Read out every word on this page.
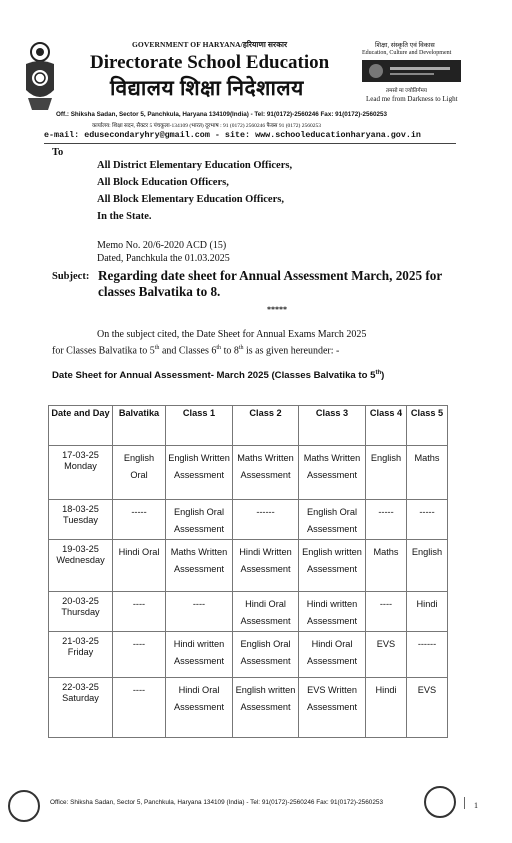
GOVERNMENT OF HARYANA/हरियाणा सरकार
Directorate School Education
विद्यालय शिक्षा निदेशालय
शिक्षा, संस्कृति एवं विकास
Education, Culture and Development
तमसो मा ज्योतिर्गमय
Lead me from Darkness to Light
Off.: Shiksha Sadan, Sector 5, Panchkula, Haryana 134109(India) - Tel: 91(0172)-2560246 Fax: 91(0172)-2560253
कार्यालय: शिक्षा सदन, सैक्टर 5 पंचकूला-134109 (भारत) दूरभाष : 91 (0172) 2560246 फैक्स 91 (0172) 2560253
e-mail: edusecondaryhry@gmail.com - site: www.schooleducationharyana.gov.in
To
All District Elementary Education Officers,
All Block Education Officers,
All Block Elementary Education Officers,
In the State.
Memo No. 20/6-2020 ACD (15)
Dated, Panchkula the 01.03.2025
Subject: Regarding date sheet for Annual Assessment March, 2025 for classes Balvatika to 8.
*****
On the subject cited, the Date Sheet for Annual Exams March 2025
for Classes Balvatika to 5th and Classes 6th to 8th is as given hereunder: -
Date Sheet for Annual Assessment- March 2025 (Classes Balvatika to 5th)
Date and Day	Balvatika	Class 1	Class 2	Class 3	Class 4	Class 5
17-03-25 Monday	English Oral	English Written Assessment	Maths Written Assessment	Maths Written Assessment	English	Maths
18-03-25 Tuesday	-----	English Oral Assessment	------	English Oral Assessment	-----	-----
19-03-25 Wednesday	Hindi Oral	Maths Written Assessment	Hindi Written Assessment	English written Assessment	Maths	English
20-03-25 Thursday	----	----	Hindi Oral Assessment	Hindi written Assessment	----	Hindi
21-03-25 Friday	----	Hindi written Assessment	English Oral Assessment	Hindi Oral Assessment	EVS	------
22-03-25 Saturday	----	Hindi Oral Assessment	English written Assessment	EVS Written Assessment	Hindi	EVS
Office: Shiksha Sadan, Sector 5, Panchkula, Haryana 134109 (India) - Tel: 91(0172)-2560246 Fax: 91(0172)-2560253	1
